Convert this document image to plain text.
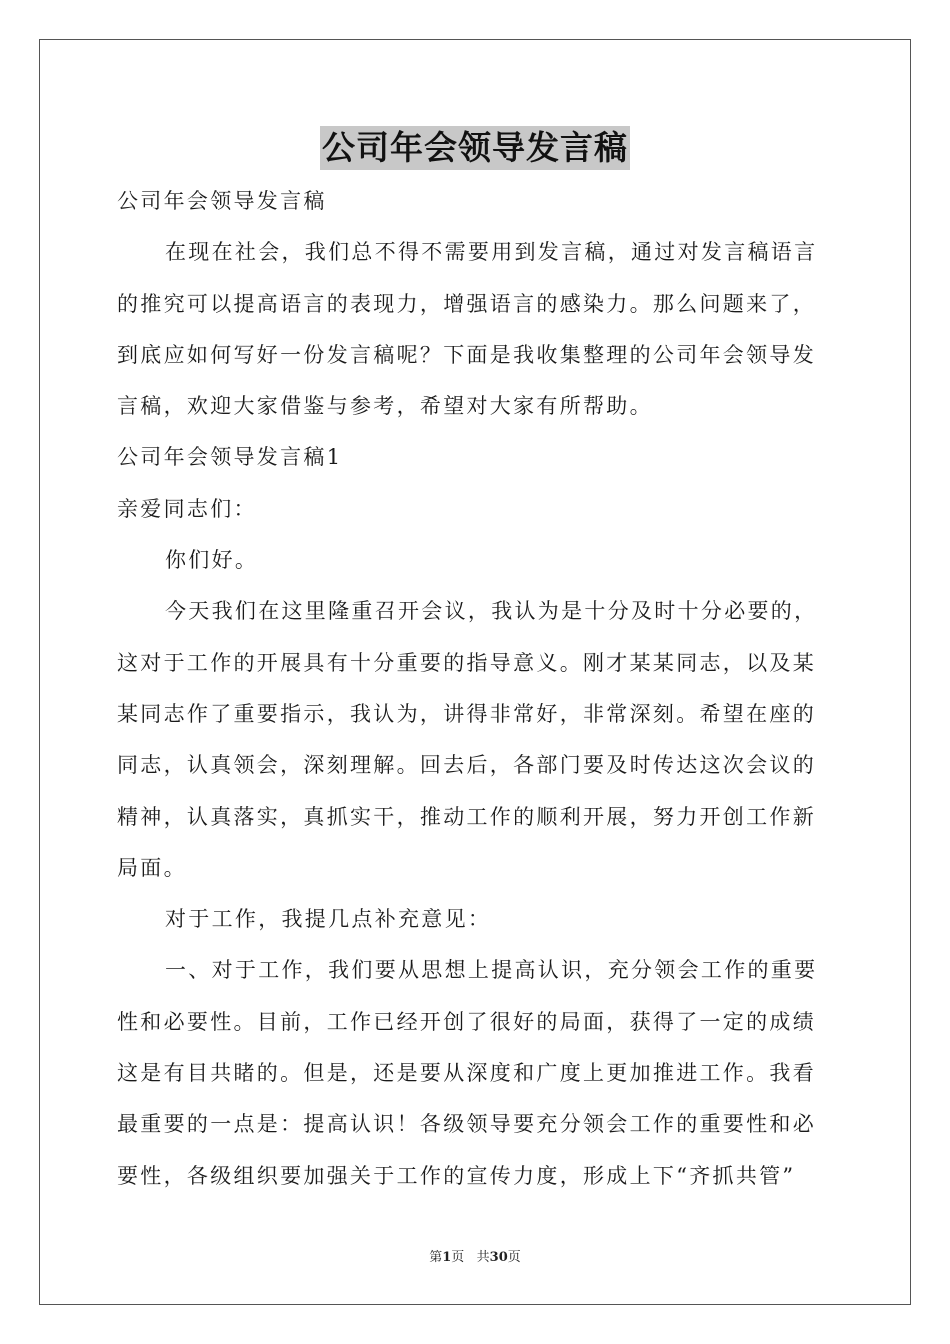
公司年会领导发言稿

公司年会领导发言稿

在现在社会，我们总不得不需要用到发言稿，通过对发言稿语言的推究可以提高语言的表现力，增强语言的感染力。那么问题来了，到底应如何写好一份发言稿呢？下面是我收集整理的公司年会领导发言稿，欢迎大家借鉴与参考，希望对大家有所帮助。

公司年会领导发言稿1

亲爱同志们：

你们好。

今天我们在这里隆重召开会议，我认为是十分及时十分必要的，这对于工作的开展具有十分重要的指导意义。刚才某某同志，以及某某同志作了重要指示，我认为，讲得非常好，非常深刻。希望在座的同志，认真领会，深刻理解。回去后，各部门要及时传达这次会议的精神，认真落实，真抓实干，推动工作的顺利开展，努力开创工作新局面。

对于工作，我提几点补充意见：

一、对于工作，我们要从思想上提高认识，充分领会工作的重要性和必要性。目前，工作已经开创了很好的局面，获得了一定的成绩这是有目共睹的。但是，还是要从深度和广度上更加推进工作。我看最重要的一点是：提高认识！各级领导要充分领会工作的重要性和必要性，各级组织要加强关于工作的宣传力度，形成上下“齐抓共管”

第1页   共30页
